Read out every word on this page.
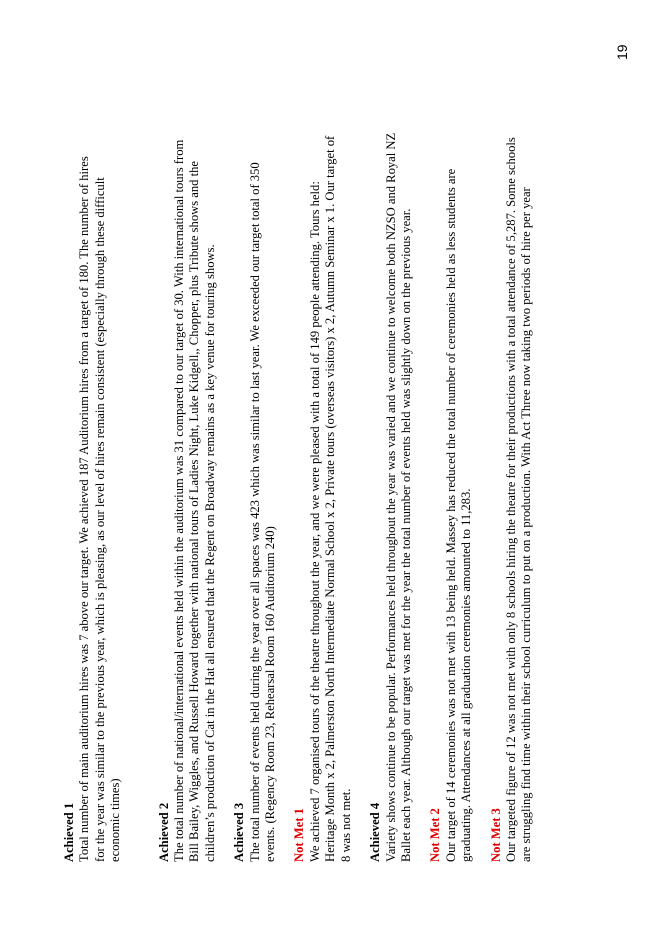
19
Achieved 1 Total number of main auditorium hires was 7 above our target. We achieved 187 Auditorium hires from a target of 180. The number of hires for the year was similar to the previous year, which is pleasing, as our level of hires remain consistent (especially through these difficult economic times)	Achieved 2 The total number of national/international events held within the auditorium was 31 compared to our target of 30. With international tours from Bill Bailey, Wiggles, and Russell Howard together with national tours of Ladies Night, Luke Kidgell,, Chopper, plus Tribute shows and the children’s production of Cat in the Hat all ensured that the Regent on Broadway remains as a key venue for touring shows. Achieved 3 The total number of events held during the year over all spaces was 423 which was similar to last year. We exceeded our target total of 350 events. (Regency Room 23, Rehearsal Room 160 Auditorium 240) Not Met 1 We achieved 7 organised tours of the theatre throughout the year, and we were pleased with a total of 149 people attending. Tours held: Heritage Month x 2, Palmerston North Intermediate Normal School x 2, Private tours (overseas visitors) x 2, Autumn Seminar x 1. Our target of 8 was not met. Achieved 4 Variety shows continue to be popular. Performances held throughout the year was varied and we continue to welcome both NZSO and Royal NZ Ballet each year. Although our target was met for the year the total number of events held was slightly down on the previous year. Not Met 2 Our target of 14 ceremonies was not met with 13 being held. Massey has reduced the total number of ceremonies held as less students are graduating. Attendances at all graduation ceremonies amounted to 11,283. Not Met 3 Our targeted figure of 12 was not met with only 8 schools hiring the theatre for their productions with a total attendance of 5,287. Some schools are struggling find time within their school curriculum to put on a production. With Act Three now taking two periods of hire per year
